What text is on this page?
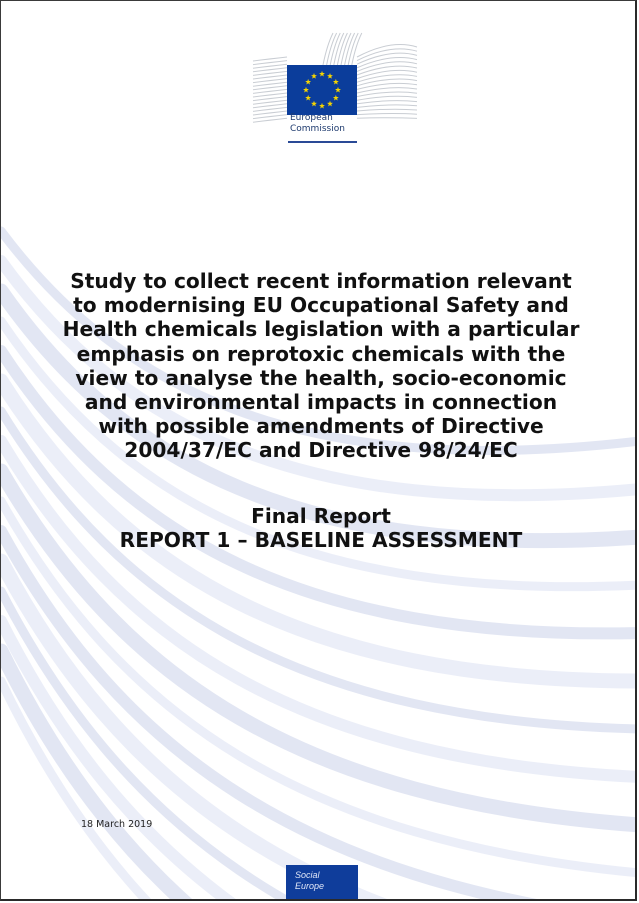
European
Commission
Study to collect recent information relevant
to modernising EU Occupational Safety and
Health chemicals legislation with a particular
emphasis on reprotoxic chemicals with the
view to analyse the health, socio-economic
and environmental impacts in connection
with possible amendments of Directive
2004/37/EC and Directive 98/24/EC
Final Report
REPORT 1 – BASELINE ASSESSMENT
18 March 2019
Social
Europe
